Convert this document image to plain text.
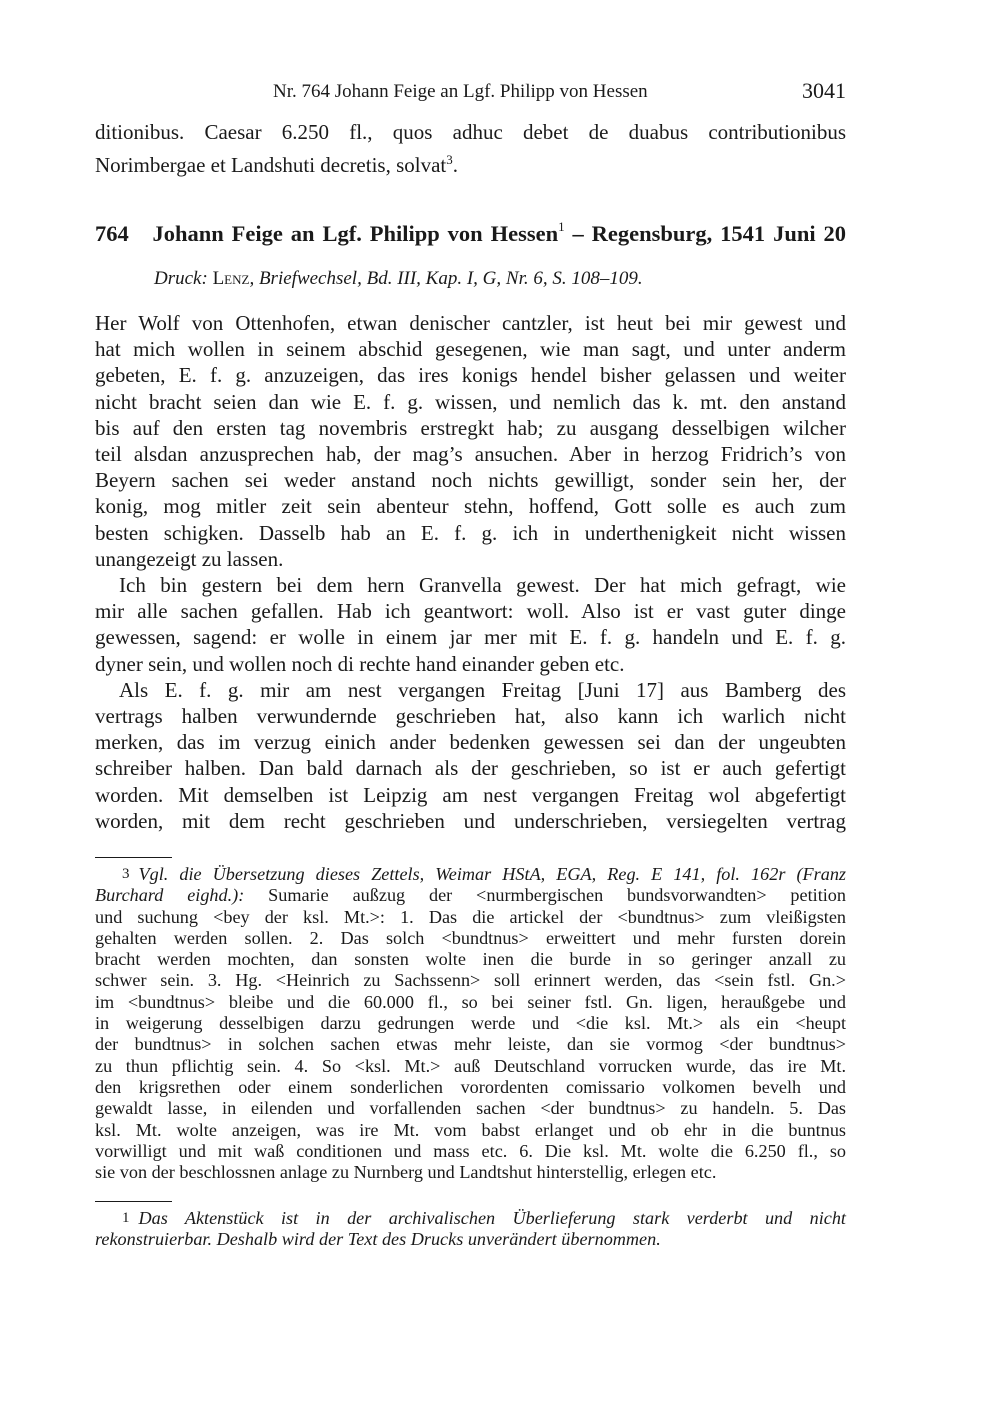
Nr. 764 Johann Feige an Lgf. Philipp von Hessen	3041

ditionibus. Caesar 6.250 fl., quos adhuc debet de duabus contributionibus

Norimbergae et Landshuti decretis, solvat$^3$.

764 Johann Feige an Lgf. Philipp von Hessen$^1$ – Regensburg, 1541 Juni 20
Druck: Lenz, Briefwechsel, Bd. III, Kap. I, G, Nr. 6, S. 108–109.

Her Wolf von Ottenhofen, etwan denischer cantzler, ist heut bei mir gewest und

hat mich wollen in seinem abschid gesegenen, wie man sagt, und unter anderm

gebeten, E. f. g. anzuzeigen, das ires konigs hendel bisher gelassen und weiter

nicht bracht seien dan wie E. f. g. wissen, und nemlich das k. mt. den anstand

bis auf den ersten tag novembris erstregkt hab; zu ausgang desselbigen wilcher

teil alsdan anzusprechen hab, der mag’s ansuchen. Aber in herzog Fridrich’s von

Beyern sachen sei weder anstand noch nichts gewilligt, sonder sein her, der

konig, mog mitler zeit sein abenteur stehn, hoffend, Gott solle es auch zum

besten schigken. Dasselb hab an E. f. g. ich in underthenigkeit nicht wissen

unangezeigt zu lassen.

Ich bin gestern bei dem hern Granvella gewest. Der hat mich gefragt, wie

mir alle sachen gefallen. Hab ich geantwort: woll. Also ist er vast guter dinge

gewessen, sagend: er wolle in einem jar mer mit E. f. g. handeln und E. f. g.

dyner sein, und wollen noch di rechte hand einander geben etc.

Als E. f. g. mir am nest vergangen Freitag [Juni 17] aus Bamberg des

vertrags halben verwundernde geschrieben hat, also kann ich warlich nicht

merken, das im verzug einich ander bedenken gewessen sei dan der ungeubten

schreiber halben. Dan bald darnach als der geschrieben, so ist er auch gefertigt

worden. Mit demselben ist Leipzig am nest vergangen Freitag wol abgefertigt

worden, mit dem recht geschrieben und underschrieben, versiegelten vertrag

3 Vgl. die Übersetzung dieses Zettels, Weimar HStA, EGA, Reg. E 141, fol. 162r (Franz

Burchard eighd.): Sumarie außzug der <nurmbergischen bundsvorwandten> petition

und suchung <bey der ksl. Mt.>: 1. Das die artickel der <bundtnus> zum vleißigsten

gehalten werden sollen. 2. Das solch <bundtnus> erweittert und mehr fursten dorein

bracht werden mochten, dan sonsten wolte inen die burde in so geringer anzall zu

schwer sein. 3. Hg. <Heinrich zu Sachssenn> soll erinnert werden, das <sein fstl. Gn.>

im <bundtnus> bleibe und die 60.000 fl., so bei seiner fstl. Gn. ligen, heraußgebe und

in weigerung desselbigen darzu gedrungen werde und <die ksl. Mt.> als ein <heupt

der bundtnus> in solchen sachen etwas mehr leiste, dan sie vormog <der bundtnus>

zu thun pflichtig sein. 4. So <ksl. Mt.> auß Deutschland vorrucken wurde, das ire Mt.

den krigsrethen oder einem sonderlichen vorordenten comissario volkomen bevelh und

gewaldt lasse, in eilenden und vorfallenden sachen <der bundtnus> zu handeln. 5. Das

ksl. Mt. wolte anzeigen, was ire Mt. vom babst erlanget und ob ehr in die buntnus

vorwilligt und mit waß conditionen und mass etc. 6. Die ksl. Mt. wolte die 6.250 fl., so

sie von der beschlossnen anlage zu Nurnberg und Landtshut hinterstellig, erlegen etc.

1 Das Aktenstück ist in der archivalischen Überlieferung stark verderbt und nicht

rekonstruierbar. Deshalb wird der Text des Drucks unverändert übernommen.
